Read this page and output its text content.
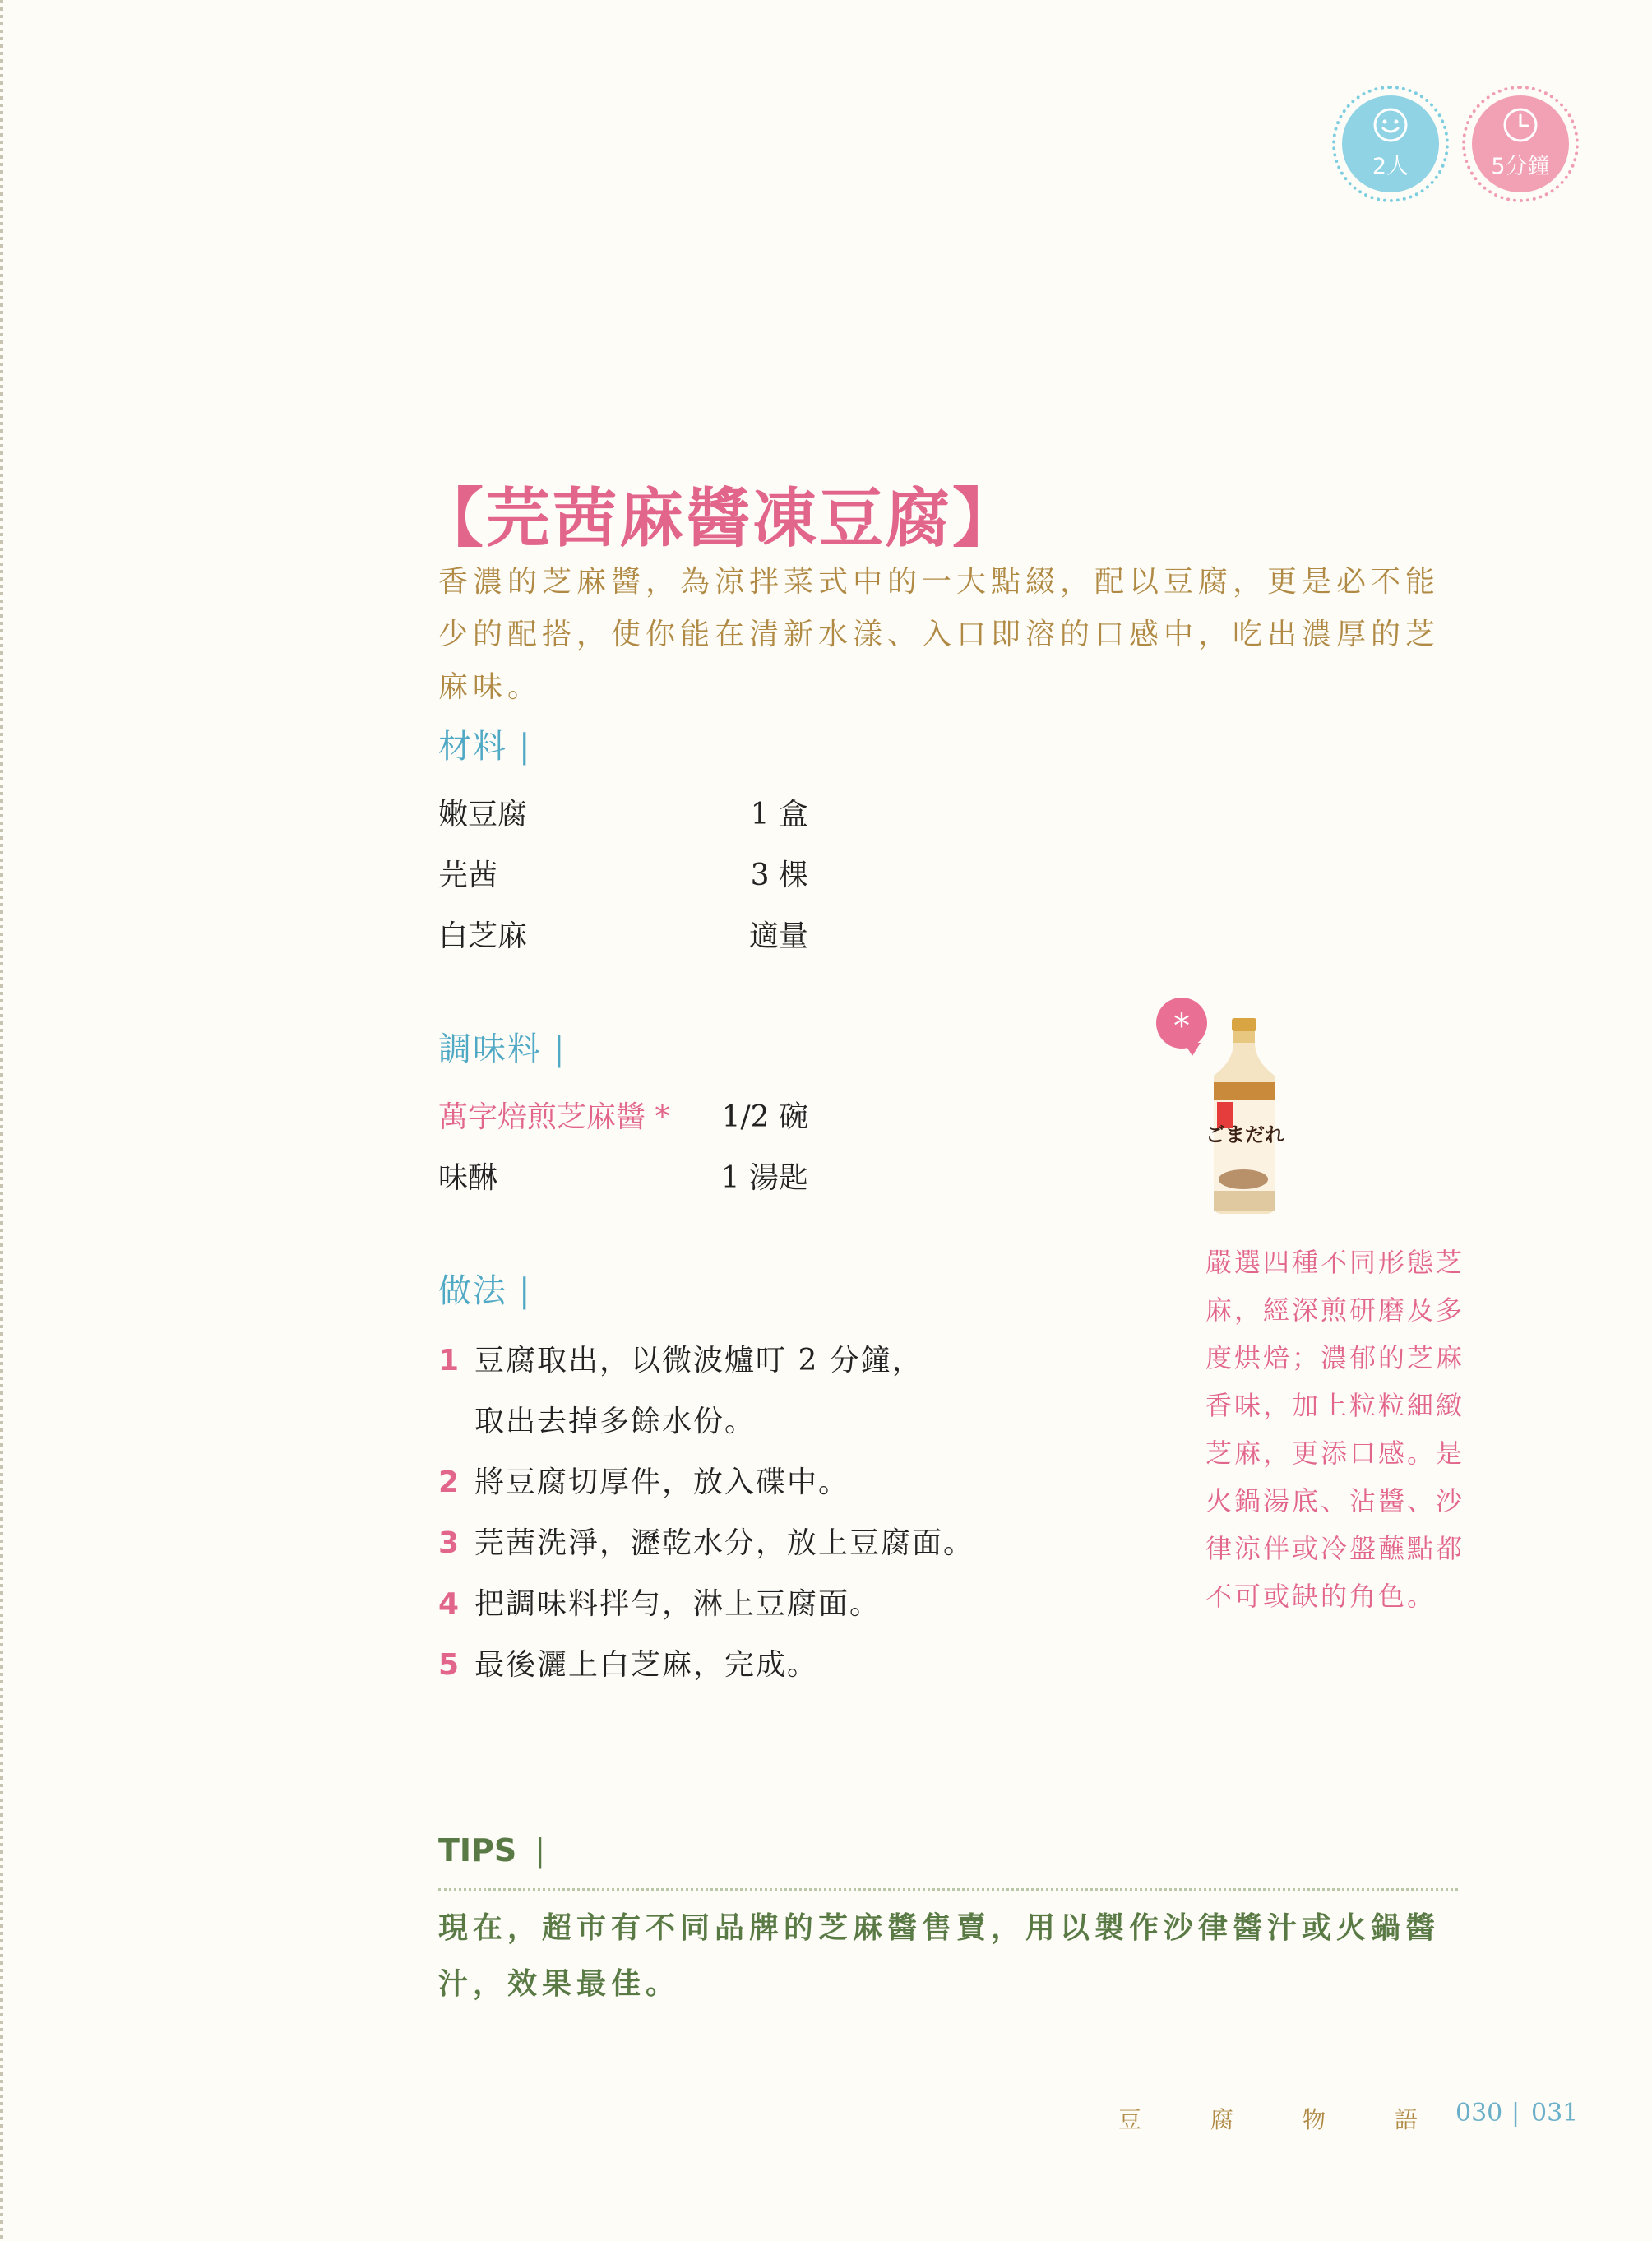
2人	5分鐘
【芫茜麻醬凍豆腐】

香濃的芝麻醬，為涼拌菜式中的一大點綴，配以豆腐，更是必不能少的配搭，使你能在清新水漾、入口即溶的口感中，吃出濃厚的芝麻味。

材料 |
嫩豆腐	1 盒
芫茜	3 棵
白芝麻	適量
調味料 |
萬字焙煎芝麻醬 * 1/2 碗
味醂	1 湯匙
做法 |
1 豆腐取出，以微波爐叮 2 分鐘，
取出去掉多餘水份。
2 將豆腐切厚件，放入碟中。
3 芫茜洗淨，瀝乾水分，放上豆腐面。
4 把調味料拌勻，淋上豆腐面。
5 最後灑上白芝麻，完成。
*
ごまだれ

嚴選四種不同形態芝麻，經深煎研磨及多度烘焙；濃郁的芝麻香味，加上粒粒細緻芝麻，更添口感。是火鍋湯底、沾醬、沙律涼伴或冷盤蘸點都不可或缺的角色。

TIPS |

現在，超市有不同品牌的芝麻醬售賣，用以製作沙律醬汁或火鍋醬汁，效果最佳。

豆	腐	物	語	030 | 031
